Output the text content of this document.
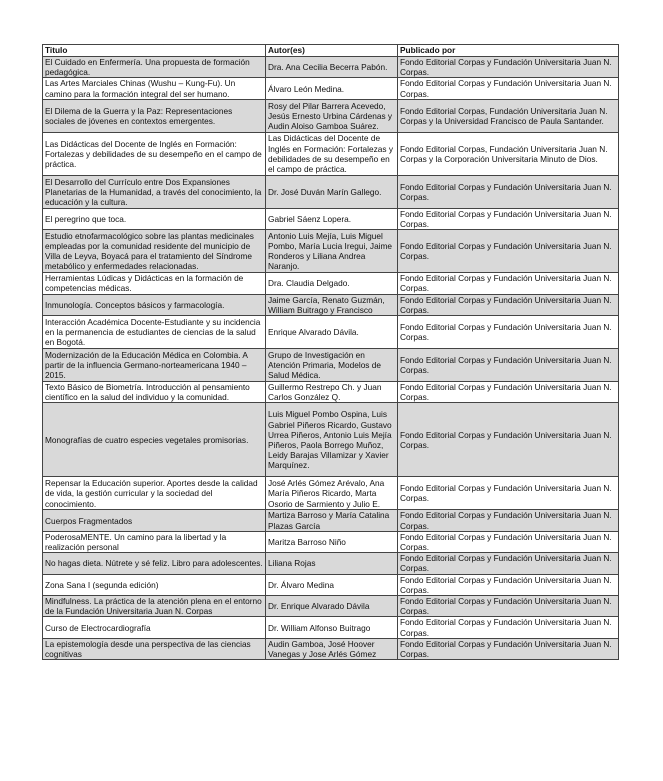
Titulo	Autor(es)	Publicado por
El Cuidado en Enfermería. Una propuesta de formación pedagógica.	Dra. Ana Cecilia Becerra Pabón.	Fondo Editorial Corpas y Fundación Universitaria Juan N. Corpas.
Las Artes Marciales Chinas (Wushu – Kung-Fu). Un camino para la formación integral del ser humano.	Álvaro León Medina.	Fondo Editorial Corpas y Fundación Universitaria Juan N. Corpas.
El Dilema de la Guerra y la Paz: Representaciones sociales de jóvenes en contextos emergentes.	Rosy del Pilar Barrera Acevedo, Jesús Ernesto Urbina Cárdenas y Audin Aloiso Gamboa Suárez.	Fondo Editorial Corpas, Fundación Universitaria Juan N. Corpas y la Universidad Francisco de Paula Santander.
Las Didácticas del Docente de Inglés en Formación: Fortalezas y debilidades de su desempeño en el campo de práctica.	Las Didácticas del Docente de Inglés en Formación: Fortalezas y debilidades de su desempeño en el campo de práctica.	Fondo Editorial Corpas, Fundación Universitaria Juan N. Corpas y la Corporación Universitaria Minuto de Dios.
El Desarrollo del Currículo entre Dos Expansiones Planetarias de la Humanidad, a través del conocimiento, la educación y la cultura.	Dr. José Duván Marín Gallego.	Fondo Editorial Corpas y Fundación Universitaria Juan N. Corpas.
El peregrino que toca.	Gabriel Sáenz Lopera.	Fondo Editorial Corpas y Fundación Universitaria Juan N. Corpas.
Estudio etnofarmacológico sobre las plantas medicinales empleadas por la comunidad residente del municipio de Villa de Leyva, Boyacá para el tratamiento del Síndrome metabólico y enfermedades relacionadas.	Antonio Luis Mejía, Luis Miguel Pombo, María Lucia Iregui, Jaime Ronderos y Liliana Andrea Naranjo.	Fondo Editorial Corpas y Fundación Universitaria Juan N. Corpas.
Herramientas Lúdicas y Didácticas en la formación de competencias médicas.	Dra. Claudia Delgado.	Fondo Editorial Corpas y Fundación Universitaria Juan N. Corpas.
Inmunología. Conceptos básicos y farmacología.	Jaime García, Renato Guzmán, William Buitrago y Francisco	Fondo Editorial Corpas y Fundación Universitaria Juan N. Corpas.
Interacción Académica Docente-Estudiante y su incidencia en la permanencia de estudiantes de ciencias de la salud en Bogotá.	Enrique Alvarado Dávila.	Fondo Editorial Corpas y Fundación Universitaria Juan N. Corpas.
Modernización de la Educación Médica en Colombia. A partir de la influencia Germano-norteamericana 1940 – 2015.	Grupo de Investigación en Atención Primaria, Modelos de Salud Médica.	Fondo Editorial Corpas y Fundación Universitaria Juan N. Corpas.
Texto Básico de Biometría. Introducción al pensamiento científico en la salud del individuo y la comunidad.	Guillermo Restrepo Ch. y Juan Carlos González Q.	Fondo Editorial Corpas y Fundación Universitaria Juan N. Corpas.
Monografías de cuatro especies vegetales promisorias.	Luis Miguel Pombo Ospina, Luis Gabriel Piñeros Ricardo, Gustavo Urrea Piñeros, Antonio Luis Mejía Piñeros, Paola Borrego Muñoz, Leidy Barajas Villamizar y Xavier Marquínez.	Fondo Editorial Corpas y Fundación Universitaria Juan N. Corpas.
Repensar la Educación superior. Aportes desde la calidad de vida, la gestión curricular y la sociedad del conocimiento.	José Arlés Gómez Arévalo, Ana María Piñeros Ricardo, Marta Osorio de Sarmiento y Julio E.	Fondo Editorial Corpas y Fundación Universitaria Juan N. Corpas.
Cuerpos Fragmentados	Martiza Barroso y María Catalina Plazas García	Fondo Editorial Corpas y Fundación Universitaria Juan N. Corpas.
PoderosaMENTE. Un camino para la libertad y la realización personal	Maritza Barroso Niño	Fondo Editorial Corpas y Fundación Universitaria Juan N. Corpas.
No hagas dieta. Nútrete y sé feliz. Libro para adolescentes.	Liliana Rojas	Fondo Editorial Corpas y Fundación Universitaria Juan N. Corpas.
Zona Sana I (segunda edición)	Dr. Álvaro Medina	Fondo Editorial Corpas y Fundación Universitaria Juan N. Corpas.
Mindfulness. La práctica de la atención plena en el entorno de la Fundación Universitaria Juan N. Corpas	Dr. Enrique Alvarado Dávila	Fondo Editorial Corpas y Fundación Universitaria Juan N. Corpas.
Curso de Electrocardiografía	Dr. William Alfonso Buitrago	Fondo Editorial Corpas y Fundación Universitaria Juan N. Corpas.
La epistemología desde una perspectiva de las ciencias cognitivas	Audin Gamboa, José Hoover Vanegas y Jose Arlés Gómez	Fondo Editorial Corpas y Fundación Universitaria Juan N. Corpas.
